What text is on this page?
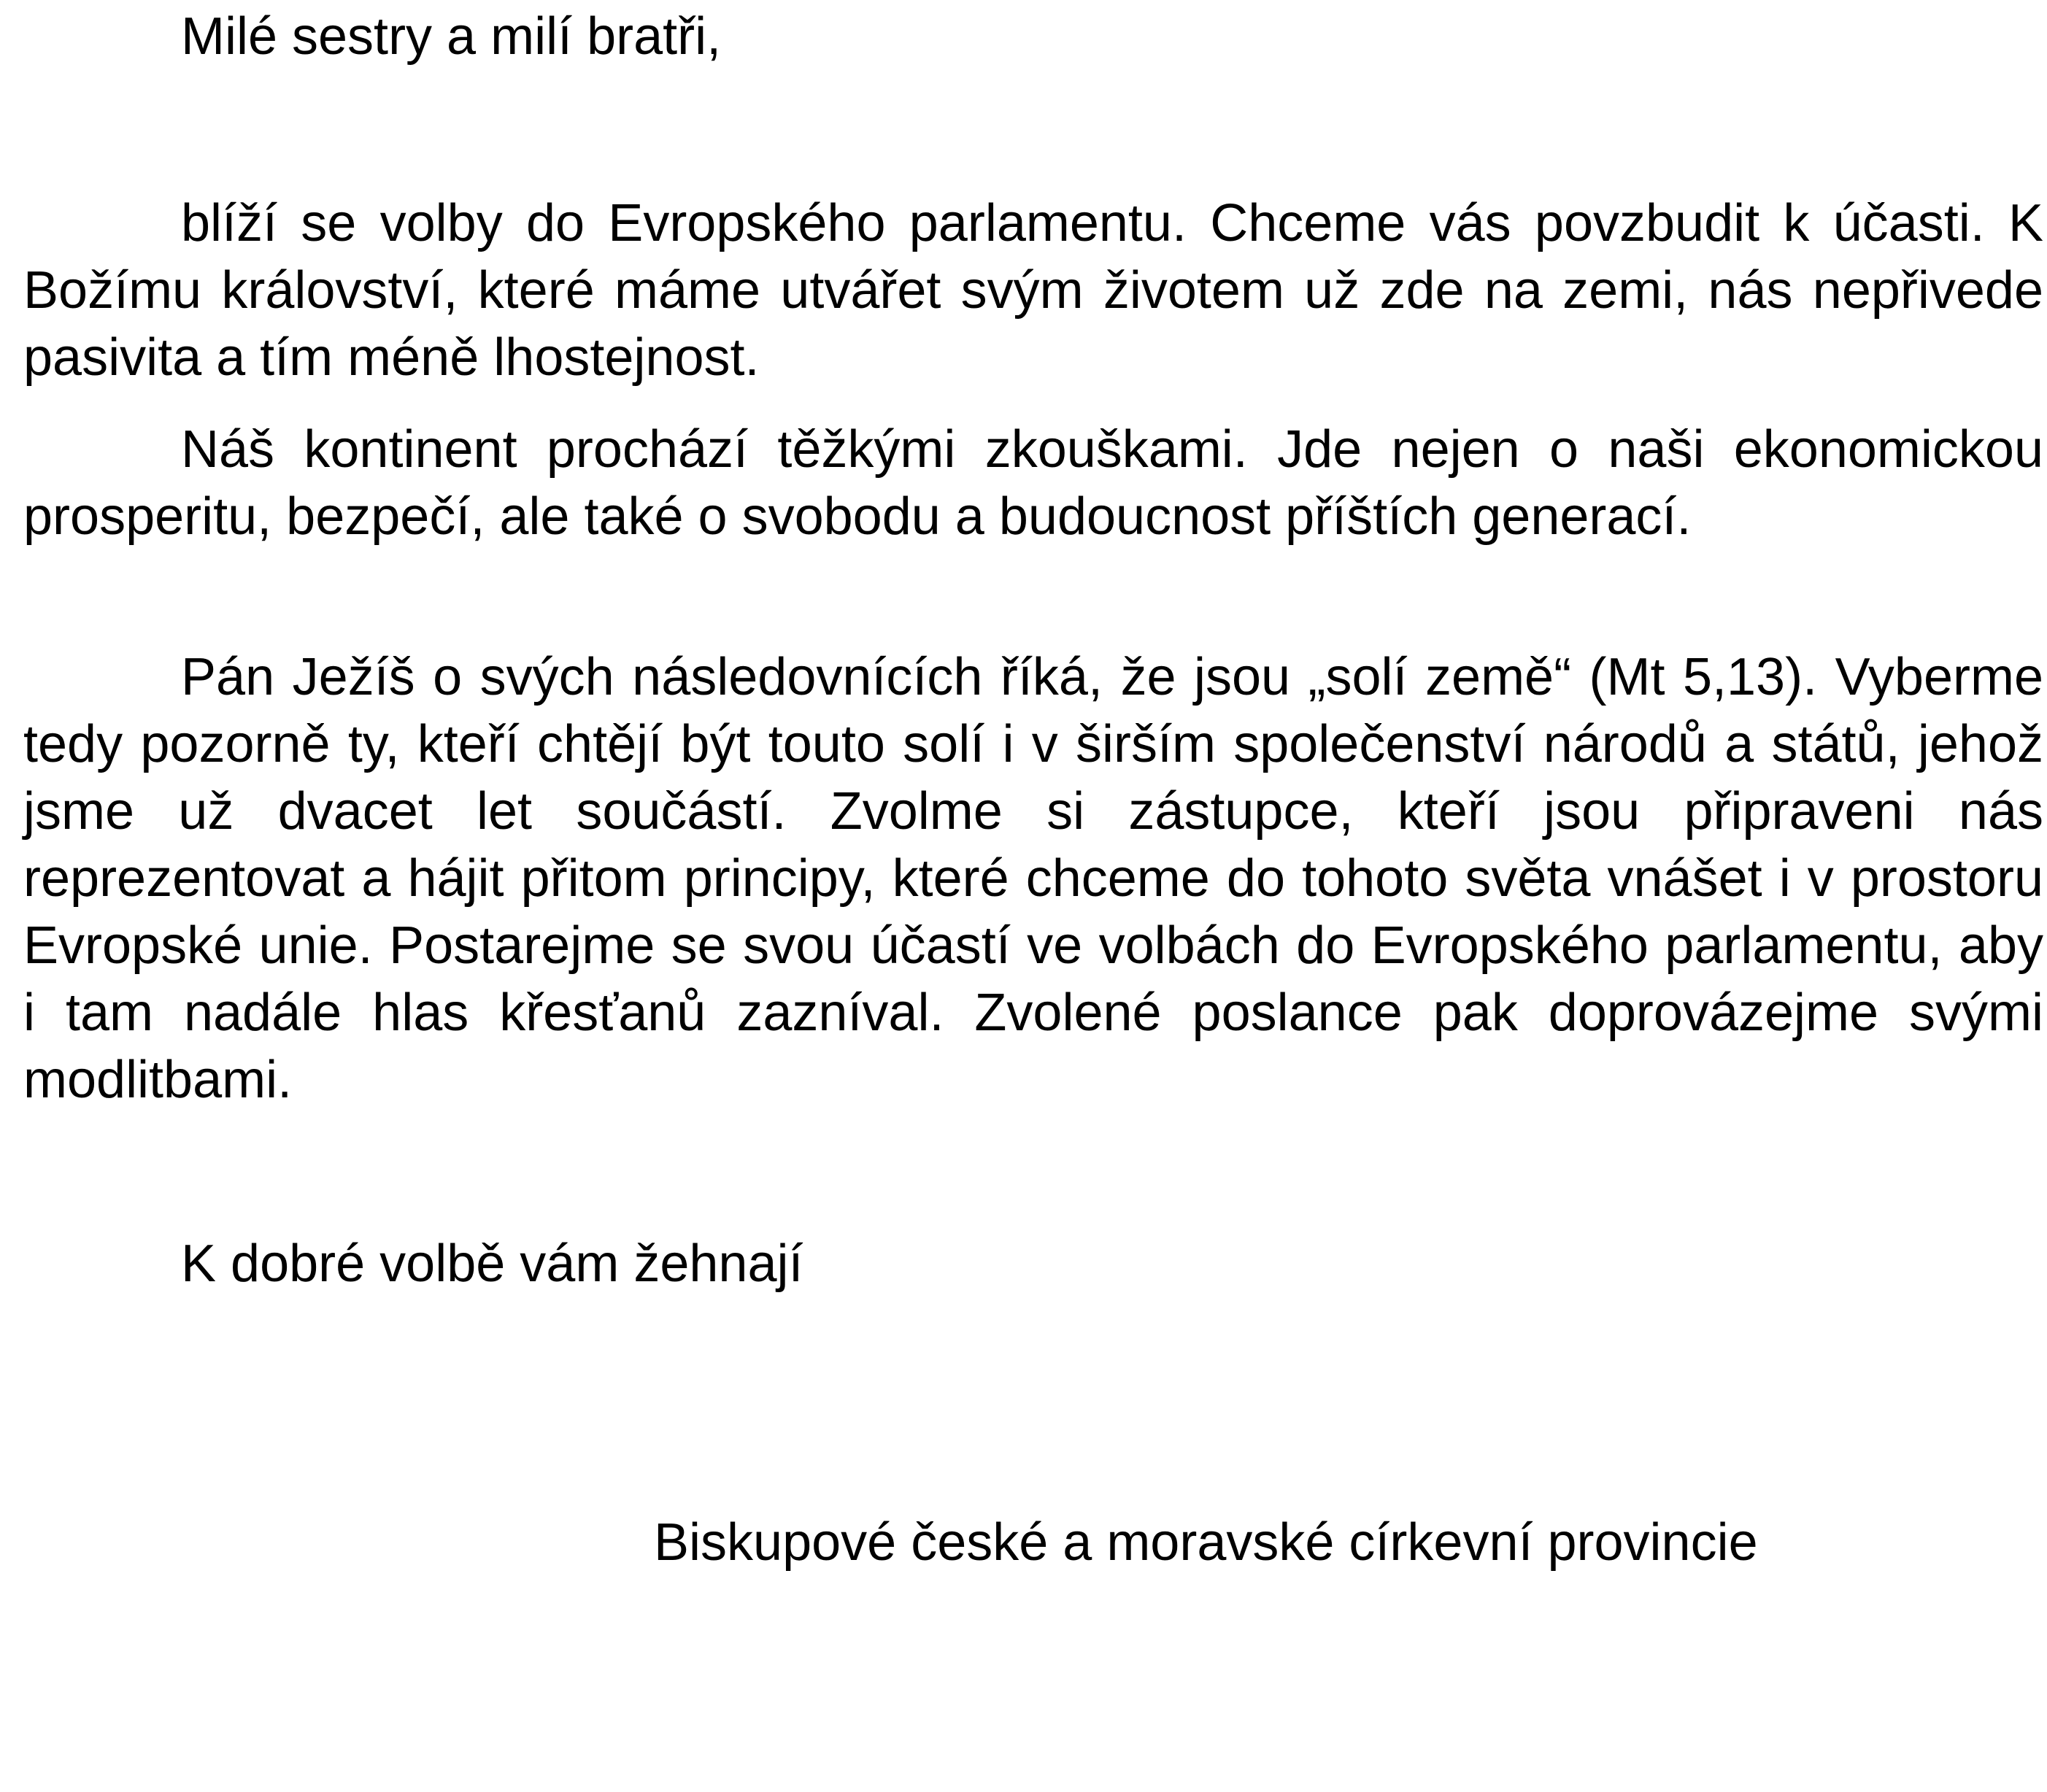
Milé sestry a milí bratři,

blíží se volby do Evropského parlamentu. Chceme vás povzbudit k účasti. K Božímu království, které máme utvářet svým životem už zde na zemi, nás nepřivede pasivita a tím méně lhostejnost.

Náš kontinent prochází těžkými zkouškami. Jde nejen o naši ekonomickou prosperitu, bezpečí, ale také o svobodu a budoucnost příštích generací.

Pán Ježíš o svých následovnících říká, že jsou „solí země“ (Mt 5,13). Vyberme tedy pozorně ty, kteří chtějí být touto solí i v širším společenství národů a států, jehož jsme už dvacet let součástí. Zvolme si zástupce, kteří jsou připraveni nás reprezentovat a hájit přitom principy, které chceme do tohoto světa vnášet i v prostoru Evropské unie. Postarejme se svou účastí ve volbách do Evropského parlamentu, aby i tam nadále hlas křesťanů zazníval. Zvolené poslance pak doprovázejme svými modlitbami.

K dobré volbě vám žehnají

Biskupové české a moravské církevní provincie
